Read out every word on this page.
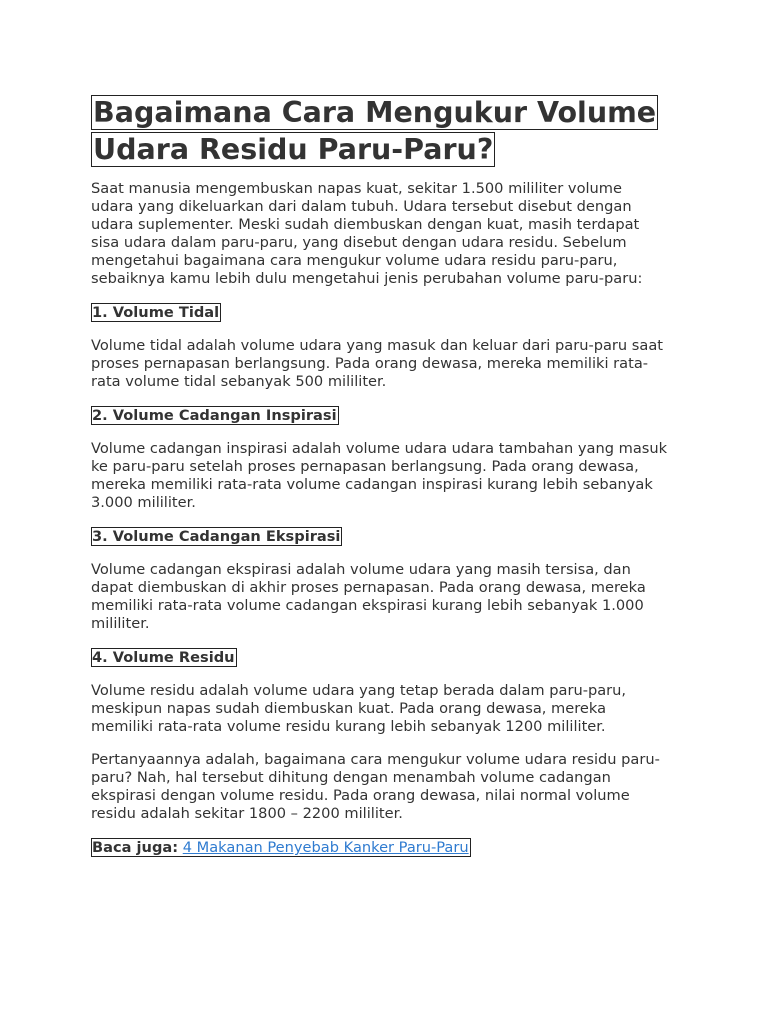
Bagaimana Cara Mengukur Volume Udara Residu Paru-Paru?

Saat manusia mengembuskan napas kuat, sekitar 1.500 mililiter volume udara yang dikeluarkan dari dalam tubuh. Udara tersebut disebut dengan udara suplementer. Meski sudah diembuskan dengan kuat, masih terdapat sisa udara dalam paru-paru, yang disebut dengan udara residu. Sebelum mengetahui bagaimana cara mengukur volume udara residu paru-paru, sebaiknya kamu lebih dulu mengetahui jenis perubahan volume paru-paru:

1. Volume Tidal

Volume tidal adalah volume udara yang masuk dan keluar dari paru-paru saat proses pernapasan berlangsung. Pada orang dewasa, mereka memiliki rata-rata volume tidal sebanyak 500 mililiter.

2. Volume Cadangan Inspirasi

Volume cadangan inspirasi adalah volume udara udara tambahan yang masuk ke paru-paru setelah proses pernapasan berlangsung. Pada orang dewasa, mereka memiliki rata-rata volume cadangan inspirasi kurang lebih sebanyak 3.000 mililiter.

3. Volume Cadangan Ekspirasi

Volume cadangan ekspirasi adalah volume udara yang masih tersisa, dan dapat diembuskan di akhir proses pernapasan. Pada orang dewasa, mereka memiliki rata-rata volume cadangan ekspirasi kurang lebih sebanyak 1.000 mililiter.

4. Volume Residu

Volume residu adalah volume udara yang tetap berada dalam paru-paru, meskipun napas sudah diembuskan kuat. Pada orang dewasa, mereka memiliki rata-rata volume residu kurang lebih sebanyak 1200 mililiter.

Pertanyaannya adalah, bagaimana cara mengukur volume udara residu paru-paru? Nah, hal tersebut dihitung dengan menambah volume cadangan ekspirasi dengan volume residu. Pada orang dewasa, nilai normal volume residu adalah sekitar 1800 – 2200 mililiter.

Baca juga: 4 Makanan Penyebab Kanker Paru-Paru
